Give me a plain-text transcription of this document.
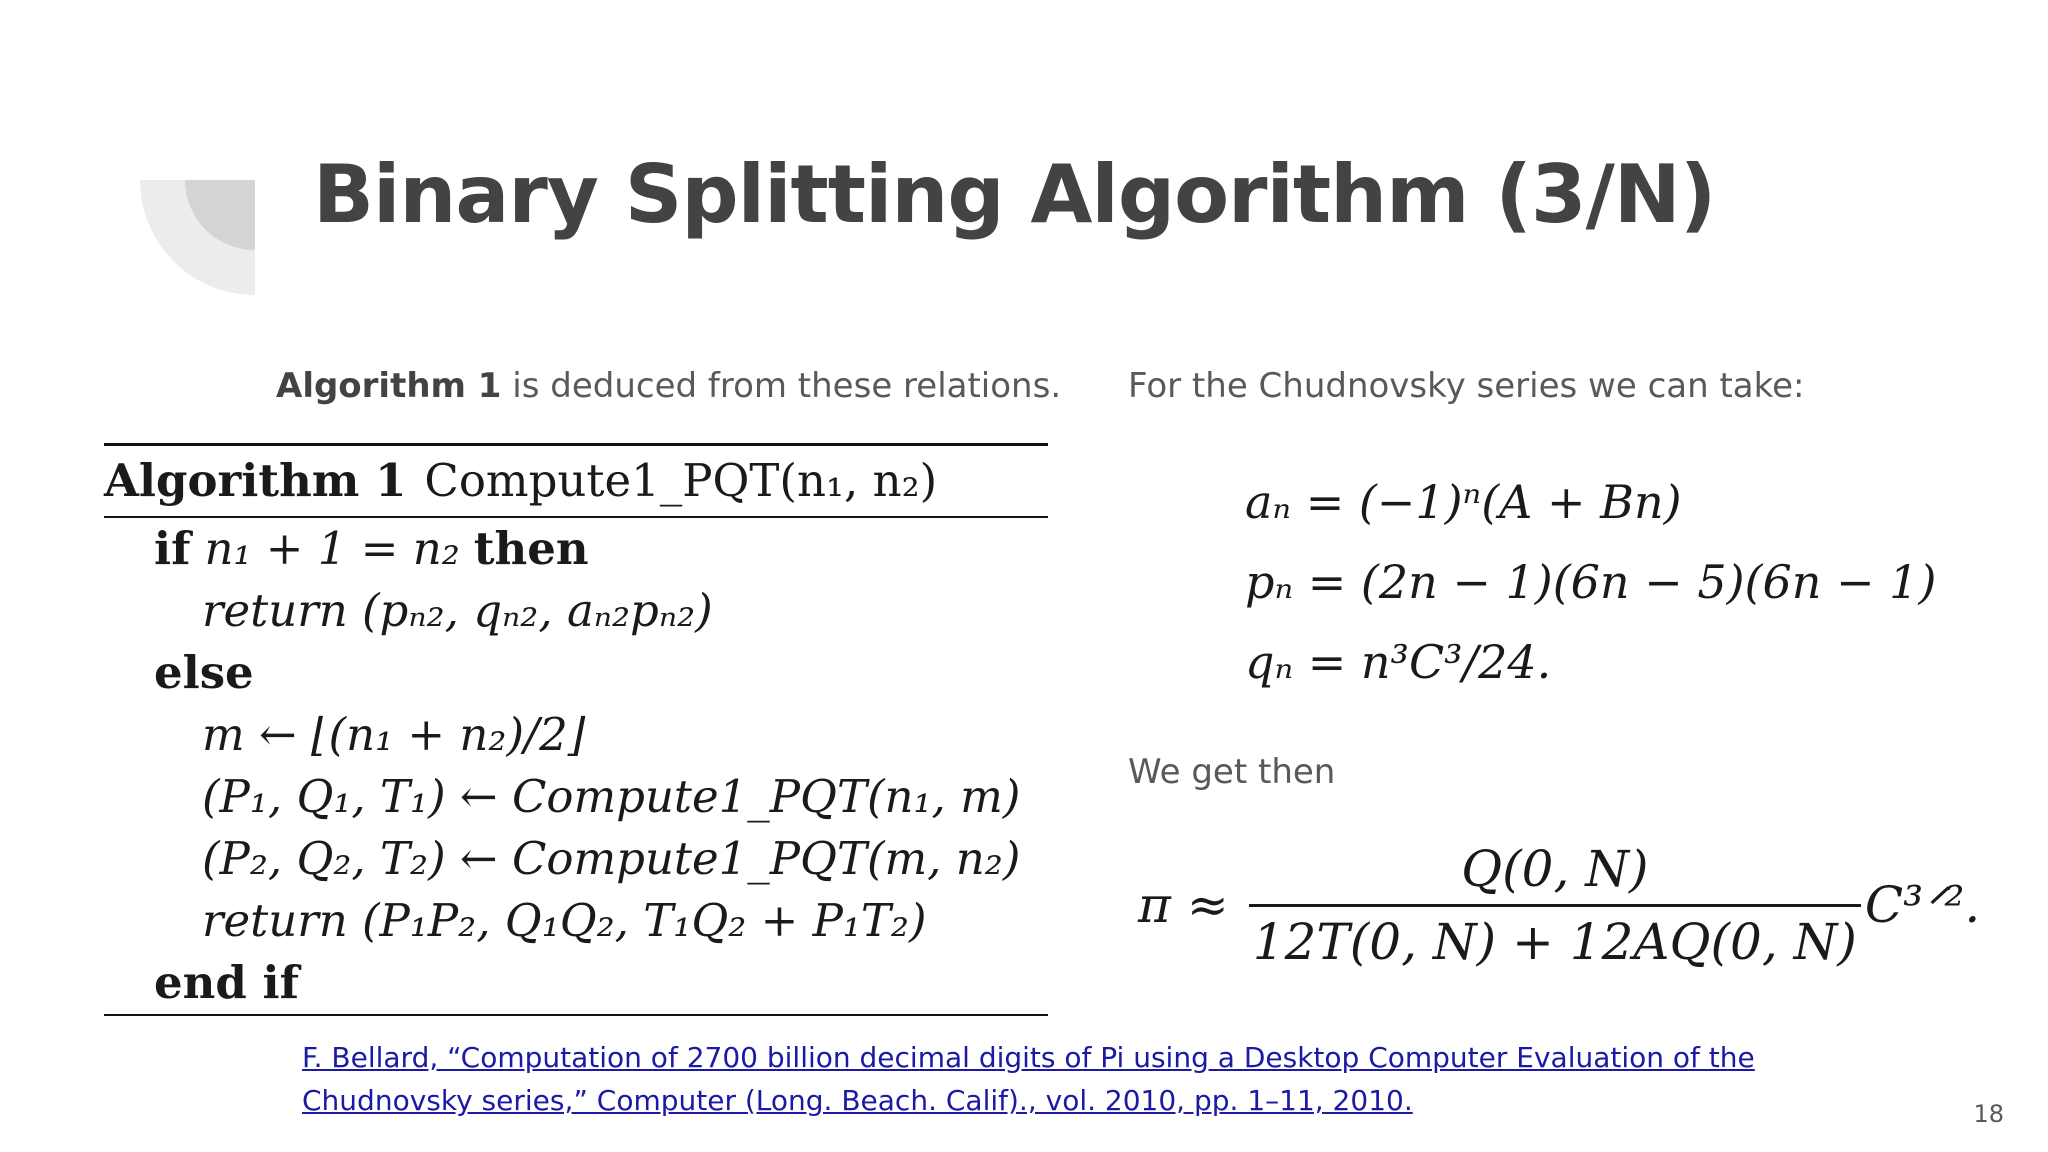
Binary Splitting Algorithm (3/N)
Algorithm 1 is deduced from these relations. For the Chudnovsky series we can take:
Algorithm 1 Compute1_PQT(n₁, n₂)
if n₁ + 1 = n₂ then
return (pₙ₂, qₙ₂, aₙ₂pₙ₂)
else
m ← ⌊(n₁ + n₂)/2⌋
(P₁, Q₁, T₁) ← Compute1_PQT(n₁, m)
(P₂, Q₂, T₂) ← Compute1_PQT(m, n₂)
return (P₁P₂, Q₁Q₂, T₁Q₂ + P₁T₂)
end if
aₙ = (−1)ⁿ(A + Bn)
pₙ = (2n − 1)(6n − 5)(6n − 1)
qₙ = n³C³/24.
We get then
$\pi \approx \frac{Q(0, N)}{12T(0, N) + 12AQ(0, N)}$ C³ᐟ².
F. Bellard, “Computation of 2700 billion decimal digits of Pi using a Desktop Computer Evaluation of the Chudnovsky series,” Computer (Long. Beach. Calif)., vol. 2010, pp. 1–11, 2010.	18
